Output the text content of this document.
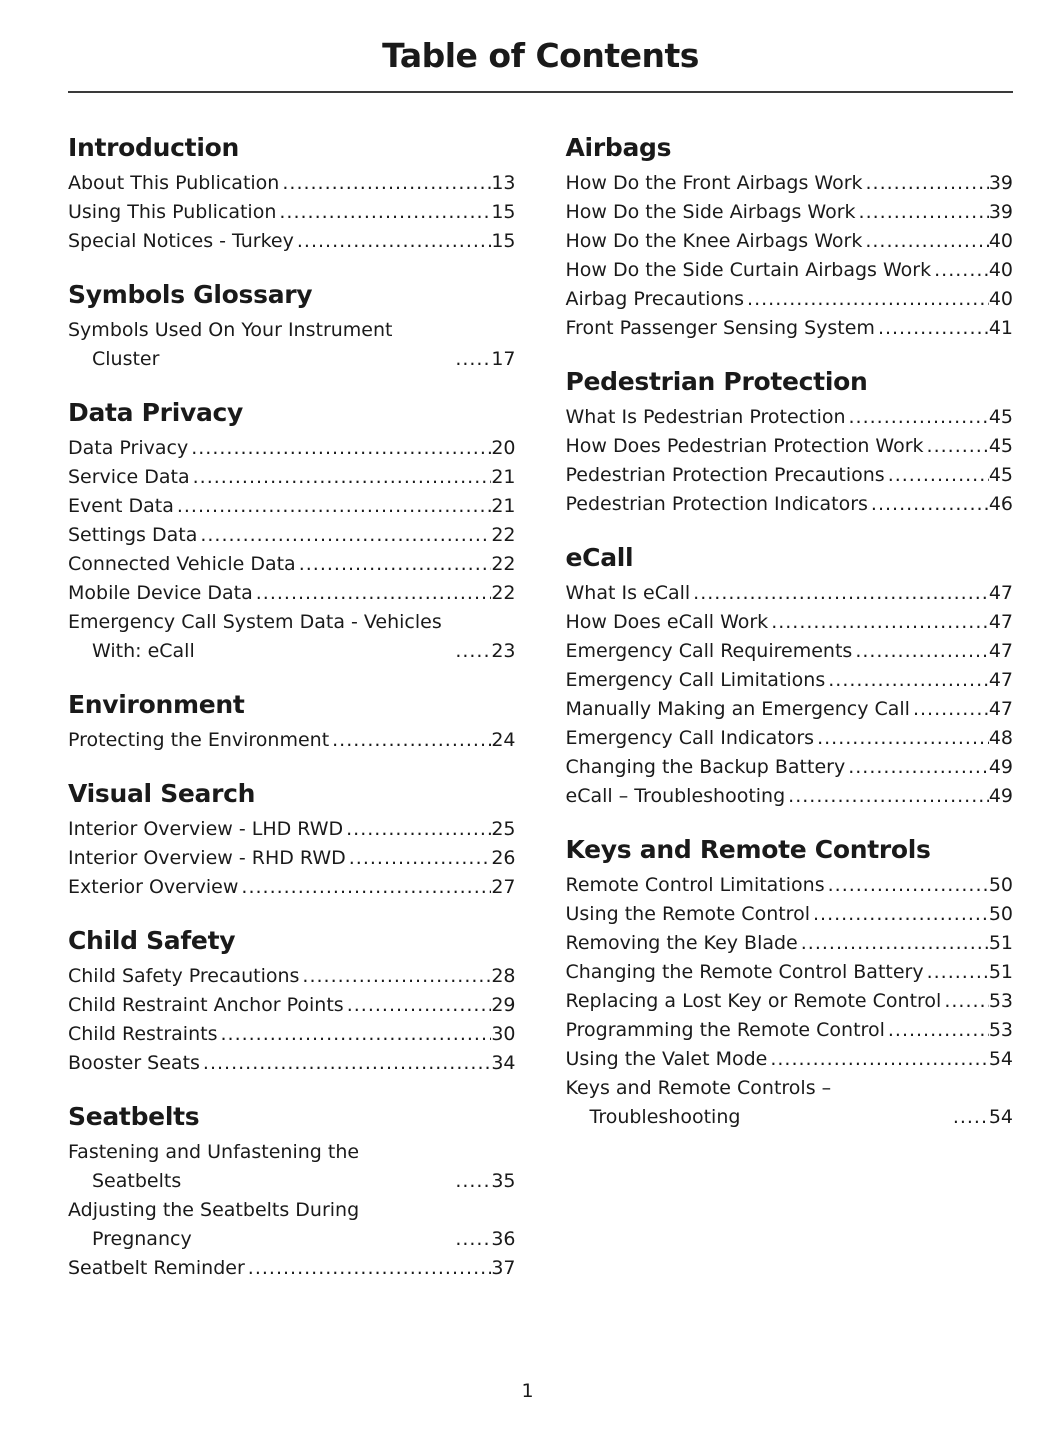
Table of Contents
Introduction
About This Publication .....	13
Using This Publication .....	15
Special Notices - Turkey .....	15
Symbols Glossary
Symbols Used On Your Instrument Cluster .....	17
Data Privacy
Data Privacy .....	20
Service Data .....	21
Event Data .....	21
Settings Data .....	22
Connected Vehicle Data .....	22
Mobile Device Data .....	22
Emergency Call System Data - Vehicles With: eCall .....	23
Environment
Protecting the Environment .....	24
Visual Search
Interior Overview - LHD RWD .....	25
Interior Overview - RHD RWD .....	26
Exterior Overview .....	27
Child Safety
Child Safety Precautions .....	28
Child Restraint Anchor Points .....	29
Child Restraints .....	30
Booster Seats .....	34
Seatbelts
Fastening and Unfastening the Seatbelts .....	35
Adjusting the Seatbelts During Pregnancy .....	36
Seatbelt Reminder .....	37
Airbags
How Do the Front Airbags Work .....	39
How Do the Side Airbags Work .....	39
How Do the Knee Airbags Work .....	40
How Do the Side Curtain Airbags Work .....	40
Airbag Precautions .....	40
Front Passenger Sensing System .....	41
Pedestrian Protection
What Is Pedestrian Protection .....	45
How Does Pedestrian Protection Work .....	45
Pedestrian Protection Precautions .....	45
Pedestrian Protection Indicators .....	46
eCall
What Is eCall .....	47
How Does eCall Work .....	47
Emergency Call Requirements .....	47
Emergency Call Limitations .....	47
Manually Making an Emergency Call .....	47
Emergency Call Indicators .....	48
Changing the Backup Battery .....	49
eCall – Troubleshooting .....	49
Keys and Remote Controls
Remote Control Limitations .....	50
Using the Remote Control .....	50
Removing the Key Blade .....	51
Changing the Remote Control Battery .....	51
Replacing a Lost Key or Remote Control ..... 53
Programming the Remote Control .....	53
Using the Valet Mode .....	54
Keys and Remote Controls – Troubleshooting .....	54
1
